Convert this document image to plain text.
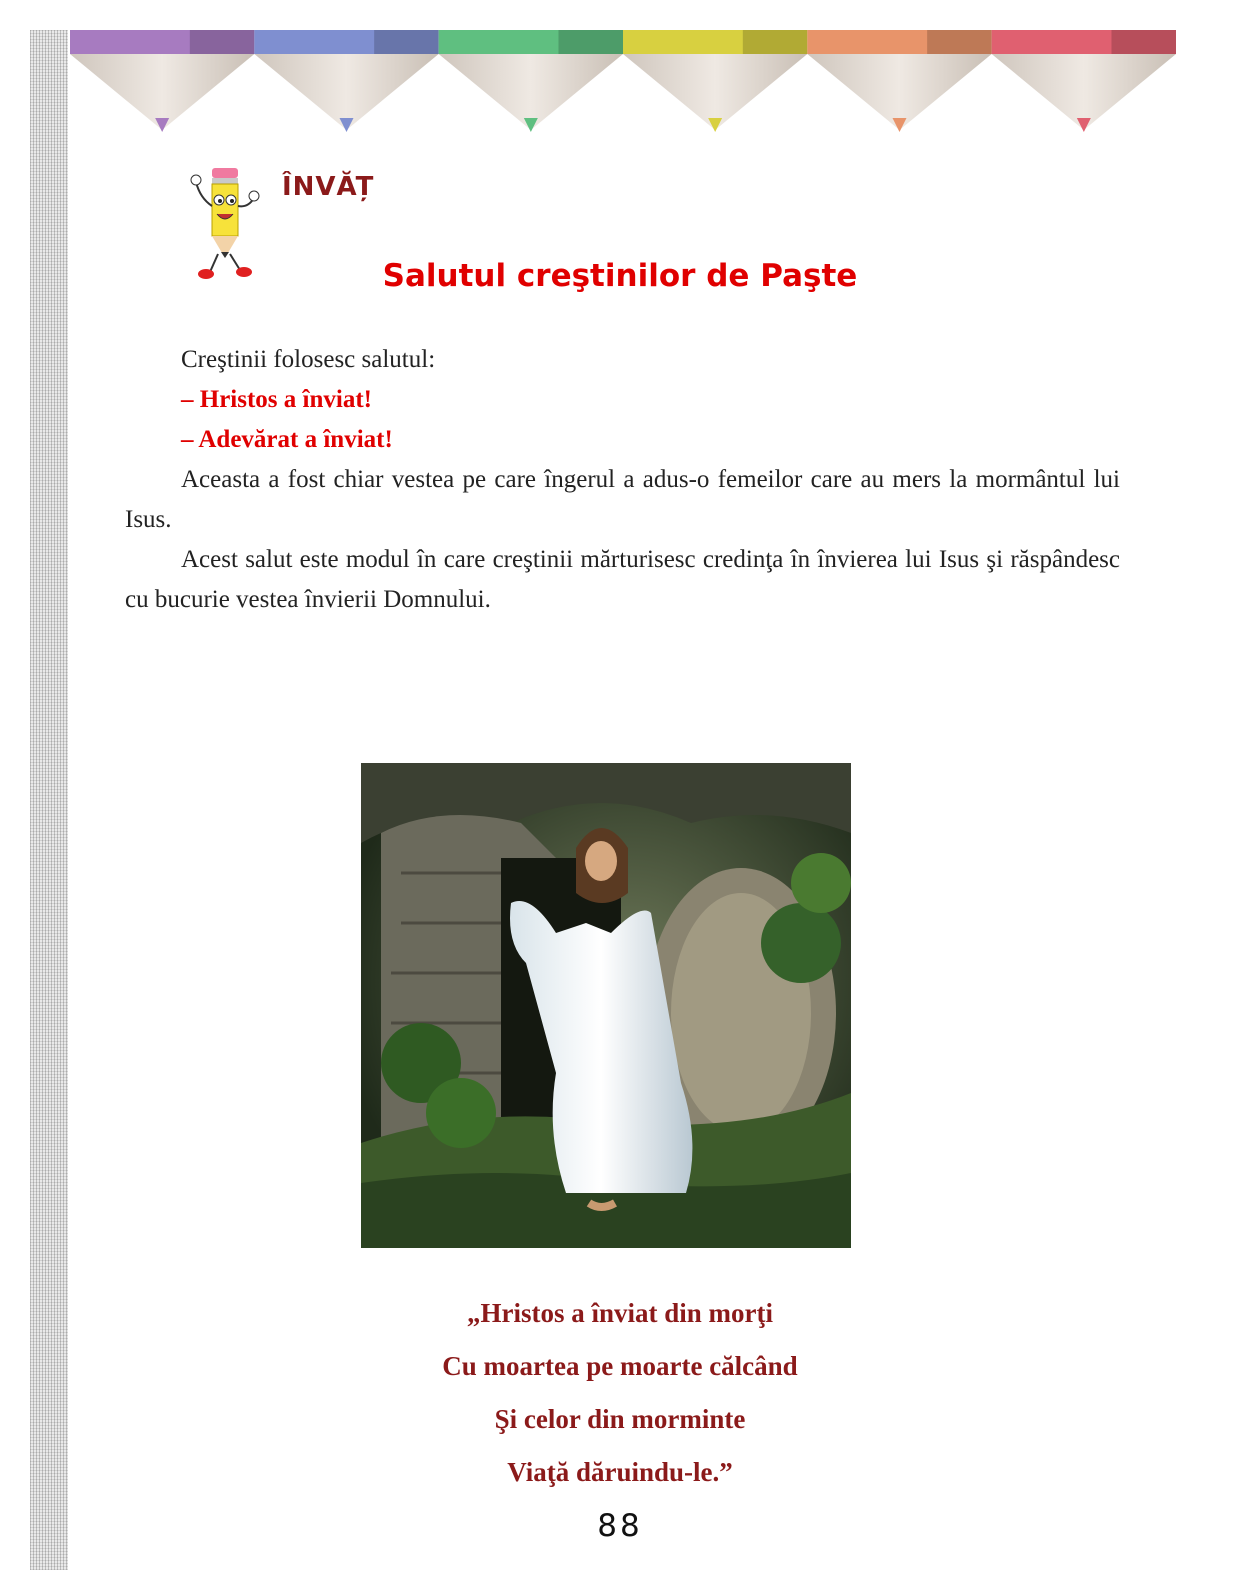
ÎNVĂȚ
Salutul creştinilor de Paşte

Creştinii folosesc salutul:

– Hristos a înviat!

– Adevărat a înviat!

Aceasta a fost chiar vestea pe care îngerul a adus-o femeilor care au mers la mormântul lui Isus.

Acest salut este modul în care creştinii mărturisesc credinţa în învierea lui Isus şi răspândesc cu bucurie vestea învierii Domnului.

„Hristos a înviat din morţi
Cu moartea pe moarte călcând
Şi celor din morminte
Viaţă dăruindu-le.”
88
